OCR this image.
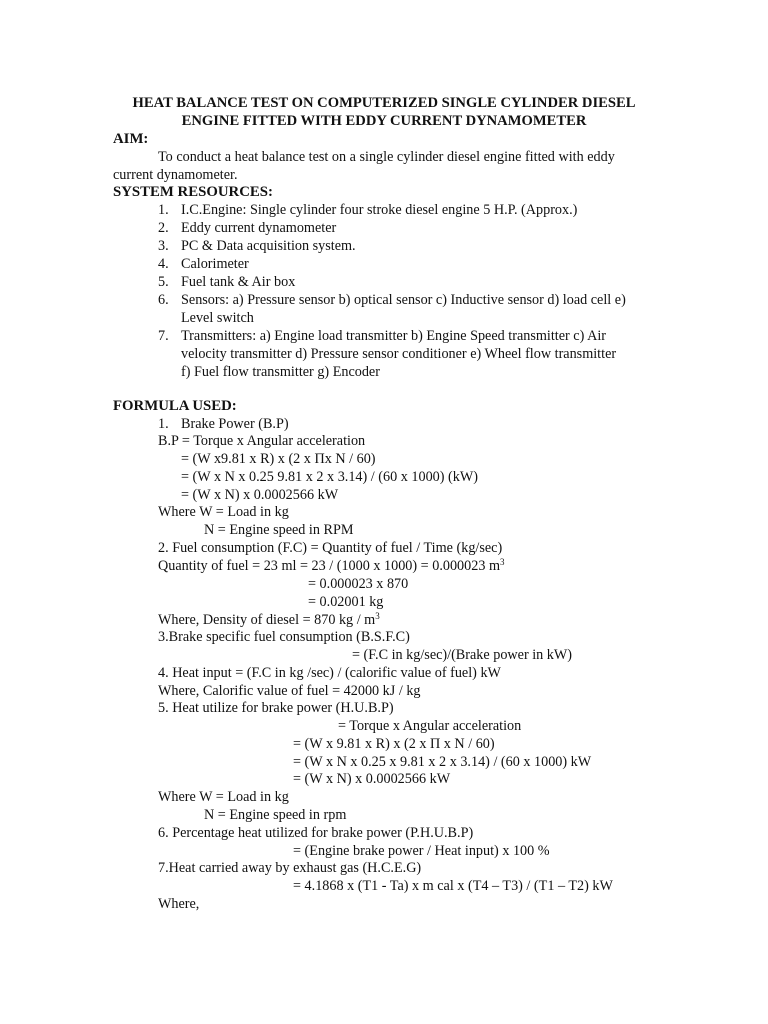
HEAT BALANCE TEST ON COMPUTERIZED SINGLE CYLINDER DIESEL
ENGINE FITTED WITH EDDY CURRENT DYNAMOMETER
AIM:
To conduct a heat balance test on a single cylinder diesel engine fitted with eddy
current dynamometer.
SYSTEM RESOURCES:
1. I.C.Engine: Single cylinder four stroke diesel engine 5 H.P. (Approx.)
2. Eddy current dynamometer
3. PC & Data acquisition system.
4. Calorimeter
5. Fuel tank & Air box
6. Sensors: a) Pressure sensor b) optical sensor c) Inductive sensor d) load cell e)
Level switch
7. Transmitters: a) Engine load transmitter b) Engine Speed transmitter c) Air
velocity transmitter d) Pressure sensor conditioner e) Wheel flow transmitter
f) Fuel flow transmitter g) Encoder
FORMULA USED:
1. Brake Power (B.P)
B.P = Torque x Angular acceleration
= (W x9.81 x R) x (2 x Πx N / 60)
= (W x N x 0.25 9.81 x 2 x 3.14) / (60 x 1000) (kW)
= (W x N) x 0.0002566 kW
Where W = Load in kg
N = Engine speed in RPM
2. Fuel consumption (F.C) = Quantity of fuel / Time (kg/sec)
Quantity of fuel = 23 ml = 23 / (1000 x 1000) = 0.000023 $m^3$
= 0.000023 x 870
= 0.02001 kg
Where, Density of diesel = 870 kg / $m^3$
3.Brake specific fuel consumption (B.S.F.C)
= (F.C in kg/sec)/(Brake power in kW)
4. Heat input = (F.C in kg /sec) / (calorific value of fuel) kW
Where, Calorific value of fuel = 42000 kJ / kg
5. Heat utilize for brake power (H.U.B.P)
= Torque x Angular acceleration
= (W x 9.81 x R) x (2 x Π x N / 60)
= (W x N x 0.25 x 9.81 x 2 x 3.14) / (60 x 1000) kW
= (W x N) x 0.0002566 kW
Where W = Load in kg
N = Engine speed in rpm
6. Percentage heat utilized for brake power (P.H.U.B.P)
= (Engine brake power / Heat input) x 100 %
7.Heat carried away by exhaust gas (H.C.E.G)
= 4.1868 x (T1 - Ta) x m cal x (T4 – T3) / (T1 – T2) kW
Where,
